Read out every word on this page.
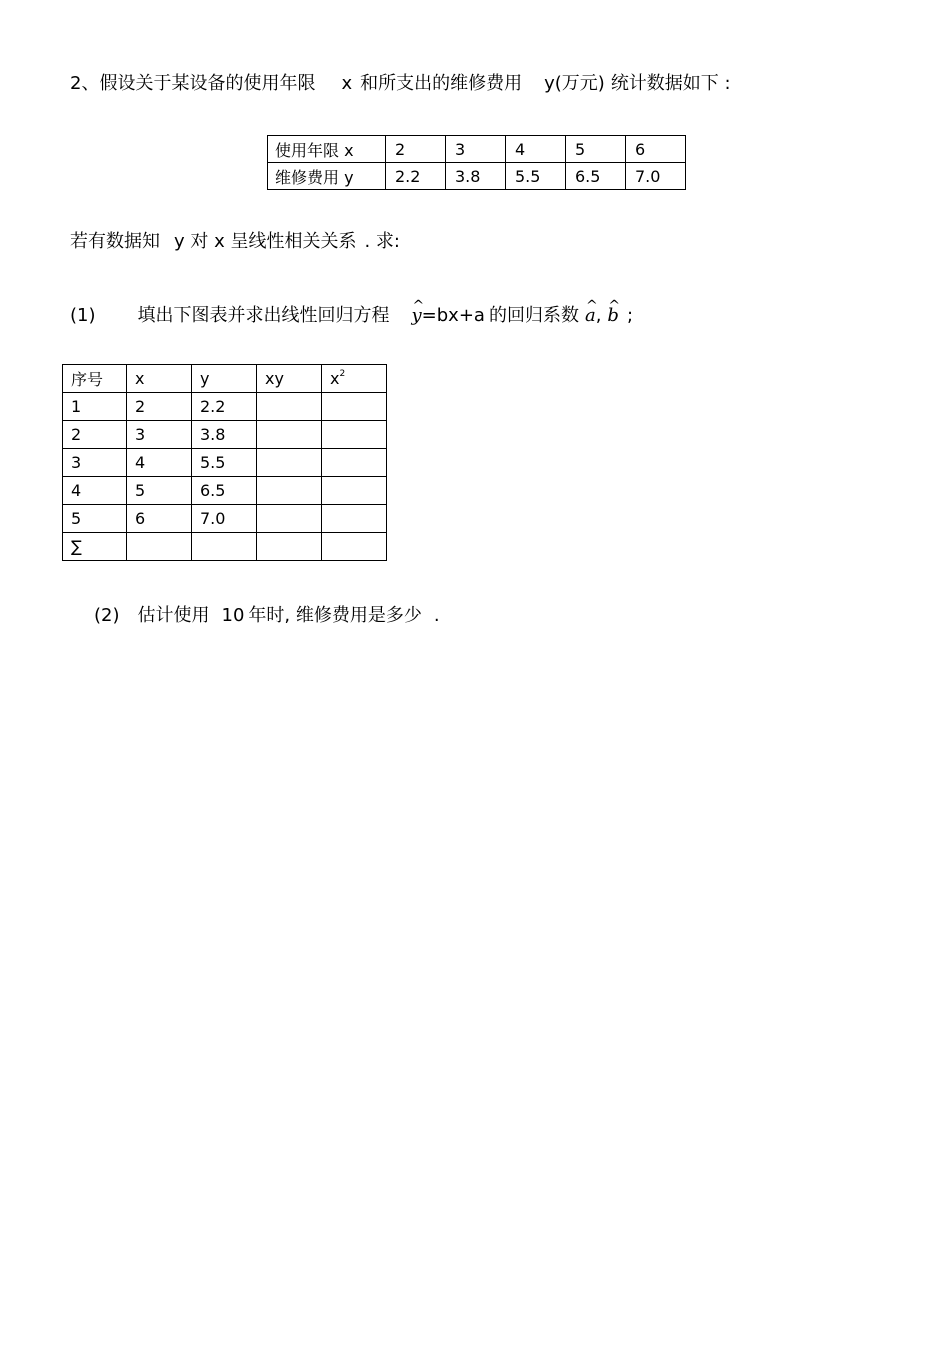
2、假设关于某设备的使用年限 x 和所支出的维修费用 y(万元) 统计数据如下 :
使用年限 x	2	3	4	5	6
维修费用 y	2.2	3.8	5.5	6.5	7.0
若有数据知 y 对 x 呈线性相关关系 . 求:
(1) 填出下图表并求出线性回归方程 ^ y=bx+a 的回归系数 ^ a, ^ b ;
序号	x	y	xy	$x^2$
1	2	2.2		
2	3	3.8		
3	4	5.5		
4	5	6.5		
5	6	7.0		
∑				
(2) 估计使用 10 年时, 维修费用是多少 .
